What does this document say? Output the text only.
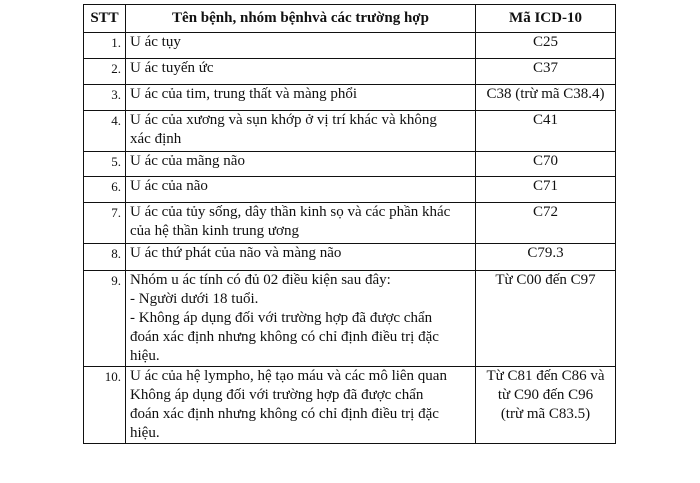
STT	Tên bệnh, nhóm bệnhvà các trường hợp	Mã ICD-10
1.	U ác tụy	C25
2.	U ác tuyến ức	C37
3.	U ác của tim, trung thất và màng phổi	C38 (trừ mã C38.4)
4.	U ác của xương và sụn khớp ở vị trí khác và không
xác định	C41
5.	U ác của mãng não	C70
6.	U ác của não	C71
7.	U ác của tủy sống, dây thần kinh sọ và các phần khác
của hệ thần kinh trung ương	C72
8.	U ác thứ phát của não và màng não	C79.3
9.	Nhóm u ác tính có đủ 02 điều kiện sau đây:
- Người dưới 18 tuổi.
- Không áp dụng đối với trường hợp đã được chẩn
đoán xác định nhưng không có chỉ định điều trị đặc
hiệu.	Từ C00 đến C97
10.	U ác của hệ lympho, hệ tạo máu và các mô liên quan
Không áp dụng đối với trường hợp đã được chẩn
đoán xác định nhưng không có chỉ định điều trị đặc
hiệu.	Từ C81 đến C86 và
từ C90 đến C96
(trừ mã C83.5)
